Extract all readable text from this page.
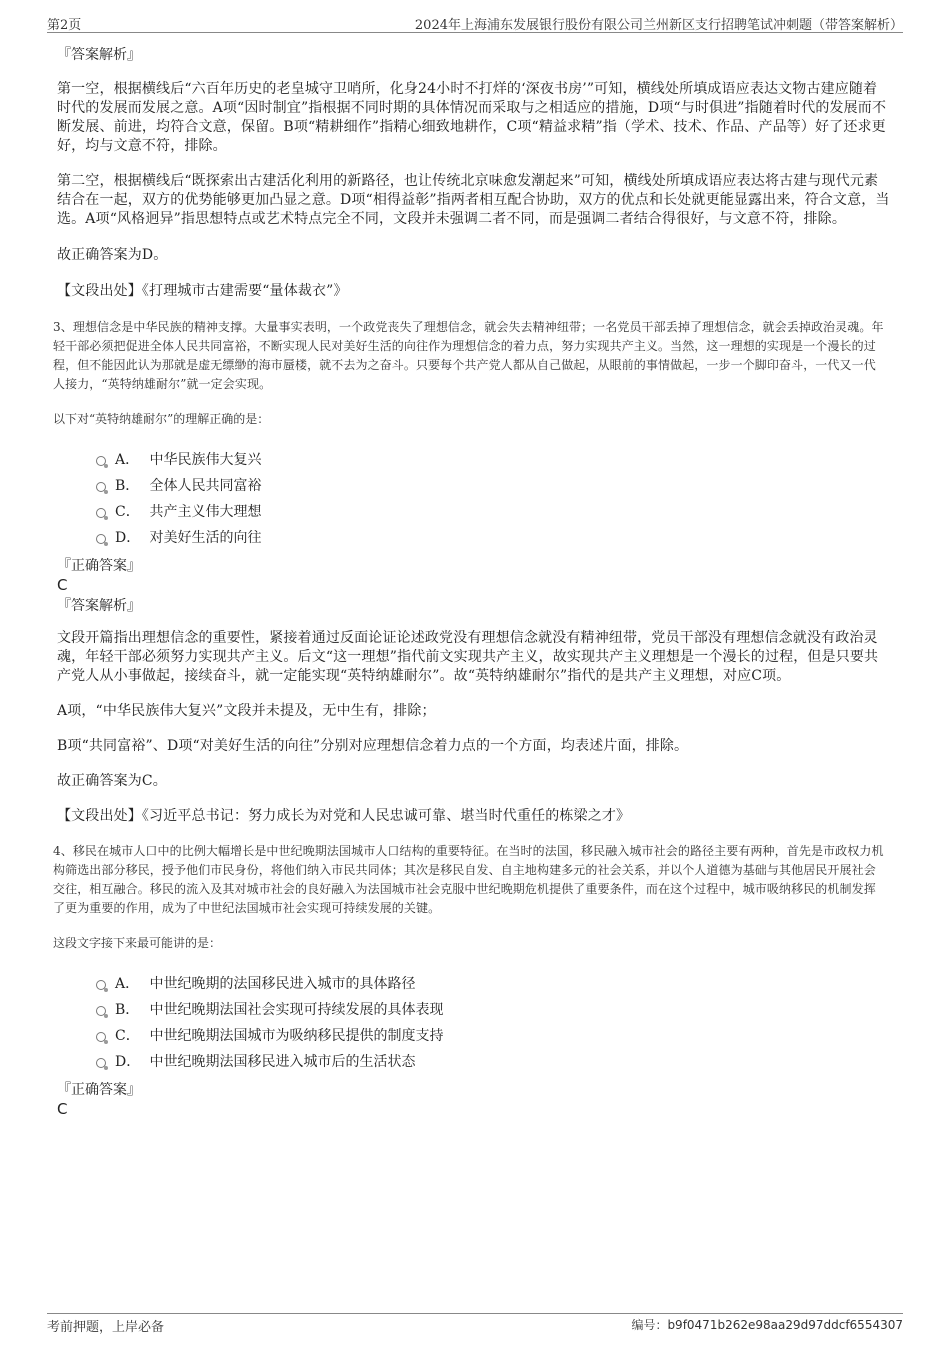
第2页	2024年上海浦东发展银行股份有限公司兰州新区支行招聘笔试冲刺题（带答案解析）

『答案解析』

第一空，根据横线后“六百年历史的老皇城守卫哨所，化身24小时不打烊的‘深夜书房’”可知，横线处所填成语应表达文物古建应随着时代的发展而发展之意。A项“因时制宜”指根据不同时期的具体情况而采取与之相适应的措施，D项“与时俱进”指随着时代的发展而不断发展、前进，均符合文意，保留。B项“精耕细作”指精心细致地耕作，C项“精益求精”指（学术、技术、作品、产品等）好了还求更好，均与文意不符，排除。

第二空，根据横线后“既探索出古建活化利用的新路径，也让传统北京味愈发潮起来”可知，横线处所填成语应表达将古建与现代元素结合在一起，双方的优势能够更加凸显之意。D项“相得益彰”指两者相互配合协助，双方的优点和长处就更能显露出来，符合文意，当选。A项“风格迥异”指思想特点或艺术特点完全不同，文段并未强调二者不同，而是强调二者结合得很好，与文意不符，排除。

故正确答案为D。

【文段出处】《打理城市古建需要“量体裁衣”》

3、理想信念是中华民族的精神支撑。大量事实表明，一个政党丧失了理想信念，就会失去精神纽带；一名党员干部丢掉了理想信念，就会丢掉政治灵魂。年轻干部必须把促进全体人民共同富裕，不断实现人民对美好生活的向往作为理想信念的着力点，努力实现共产主义。当然，这一理想的实现是一个漫长的过程，但不能因此认为那就是虚无缥缈的海市蜃楼，就不去为之奋斗。只要每个共产党人都从自己做起，从眼前的事情做起，一步一个脚印奋斗，一代又一代人接力，“英特纳雄耐尔”就一定会实现。

以下对“英特纳雄耐尔”的理解正确的是：

A． 中华民族伟大复兴
B． 全体人民共同富裕
C． 共产主义伟大理想
D． 对美好生活的向往

『正确答案』

C

『答案解析』

文段开篇指出理想信念的重要性，紧接着通过反面论证论述政党没有理想信念就没有精神纽带，党员干部没有理想信念就没有政治灵魂，年轻干部必须努力实现共产主义。后文“这一理想”指代前文实现共产主义，故实现共产主义理想是一个漫长的过程，但是只要共产党人从小事做起，接续奋斗，就一定能实现“英特纳雄耐尔”。故“英特纳雄耐尔”指代的是共产主义理想，对应C项。

A项，“中华民族伟大复兴”文段并未提及，无中生有，排除；

B项“共同富裕”、D项“对美好生活的向往”分别对应理想信念着力点的一个方面，均表述片面，排除。

故正确答案为C。

【文段出处】《习近平总书记：努力成长为对党和人民忠诚可靠、堪当时代重任的栋梁之才》

4、移民在城市人口中的比例大幅增长是中世纪晚期法国城市人口结构的重要特征。在当时的法国，移民融入城市社会的路径主要有两种，首先是市政权力机构筛选出部分移民，授予他们市民身份，将他们纳入市民共同体；其次是移民自发、自主地构建多元的社会关系，并以个人道德为基础与其他居民开展社会交往，相互融合。移民的流入及其对城市社会的良好融入为法国城市社会克服中世纪晚期危机提供了重要条件，而在这个过程中，城市吸纳移民的机制发挥了更为重要的作用，成为了中世纪法国城市社会实现可持续发展的关键。

这段文字接下来最可能讲的是：

A． 中世纪晚期的法国移民进入城市的具体路径
B． 中世纪晚期法国社会实现可持续发展的具体表现
C． 中世纪晚期法国城市为吸纳移民提供的制度支持
D． 中世纪晚期法国移民进入城市后的生活状态

『正确答案』

C

考前押题，上岸必备	编号：b9f0471b262e98aa29d97ddcf6554307
